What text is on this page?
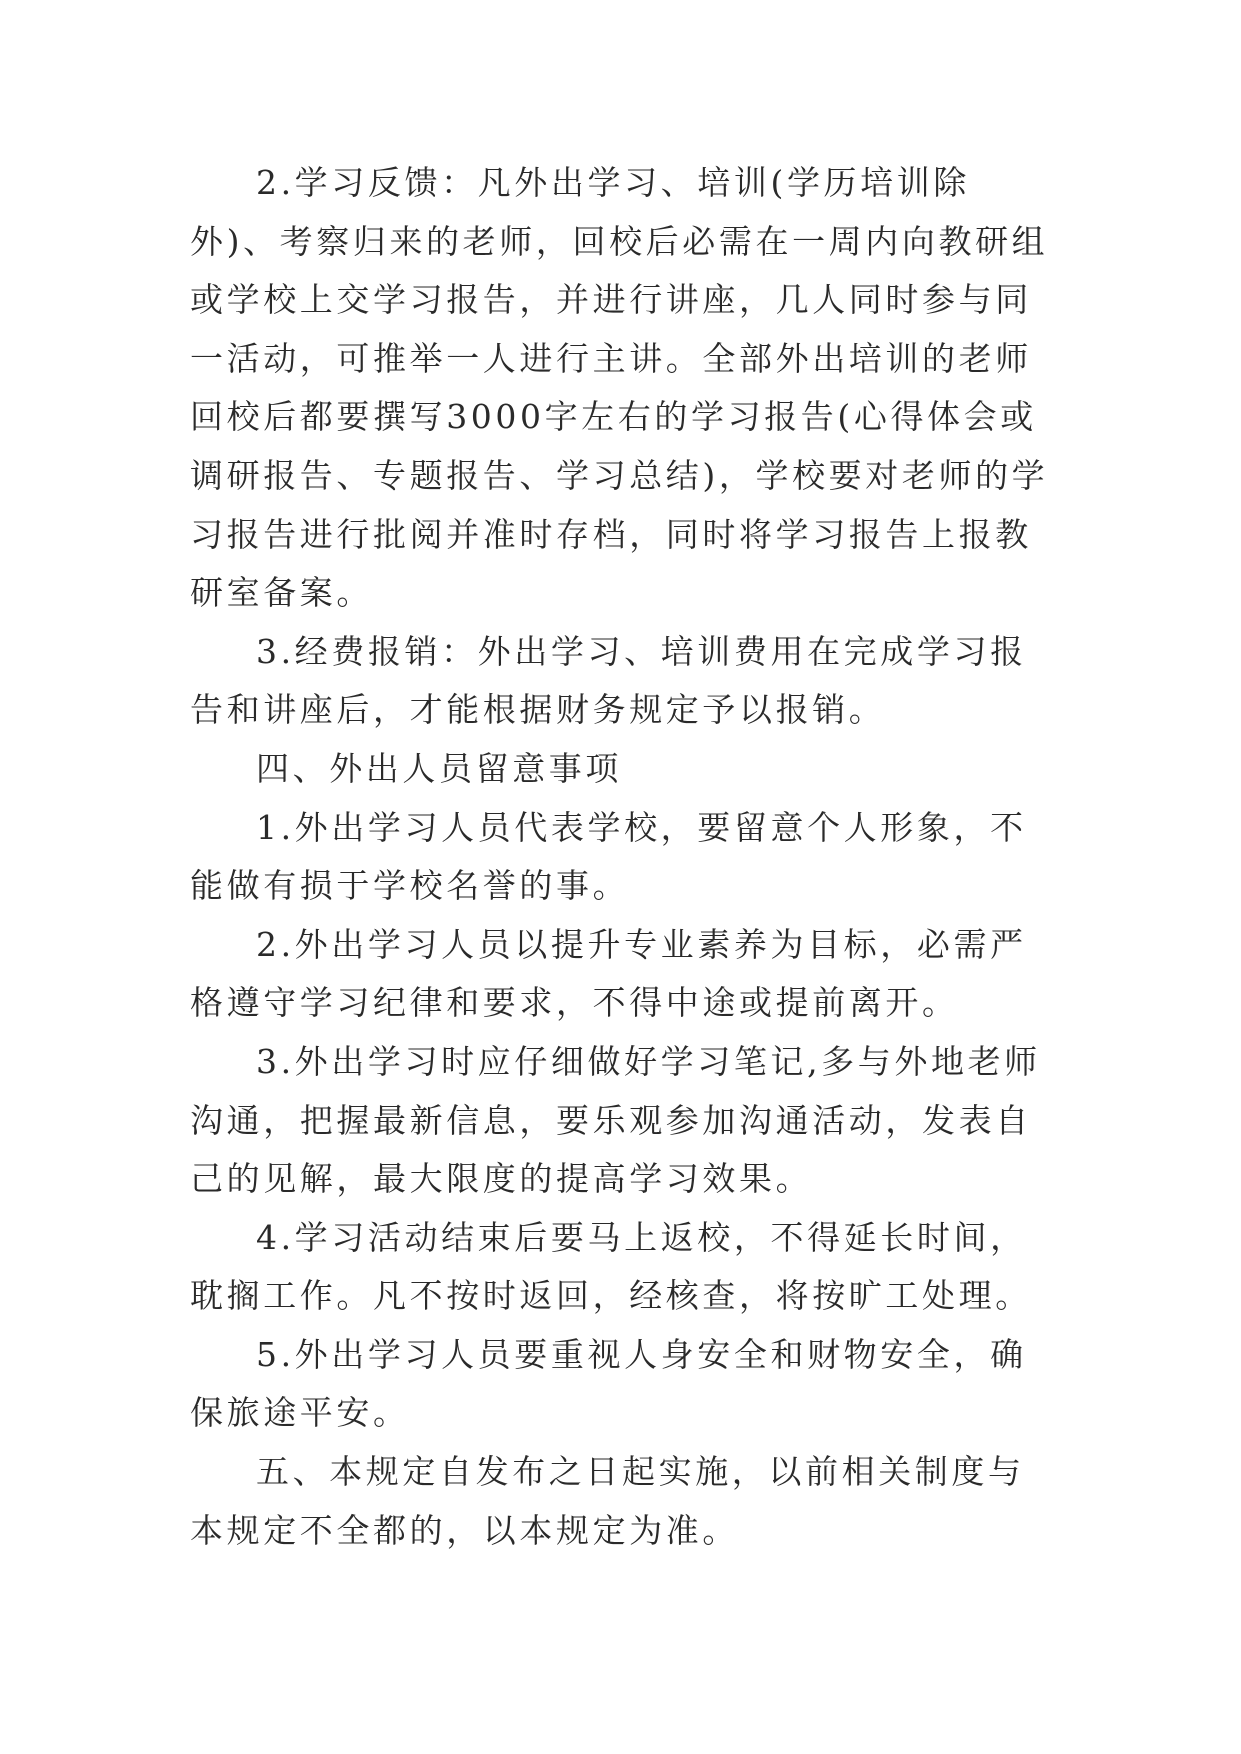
2.学习反馈：凡外出学习、培训(学历培训除外)、考察归来的老师，回校后必需在一周内向教研组或学校上交学习报告，并进行讲座，几人同时参与同一活动，可推举一人进行主讲。全部外出培训的老师回校后都要撰写3000字左右的学习报告(心得体会或调研报告、专题报告、学习总结)，学校要对老师的学习报告进行批阅并准时存档，同时将学习报告上报教研室备案。

3.经费报销：外出学习、培训费用在完成学习报告和讲座后，才能根据财务规定予以报销。

四、外出人员留意事项

1.外出学习人员代表学校，要留意个人形象，不能做有损于学校名誉的事。

2.外出学习人员以提升专业素养为目标，必需严格遵守学习纪律和要求，不得中途或提前离开。

3.外出学习时应仔细做好学习笔记,多与外地老师沟通，把握最新信息，要乐观参加沟通活动，发表自己的见解，最大限度的提高学习效果。

4.学习活动结束后要马上返校，不得延长时间，耽搁工作。凡不按时返回，经核查，将按旷工处理。

5.外出学习人员要重视人身安全和财物安全，确保旅途平安。

五、本规定自发布之日起实施，以前相关制度与本规定不全都的，以本规定为准。
